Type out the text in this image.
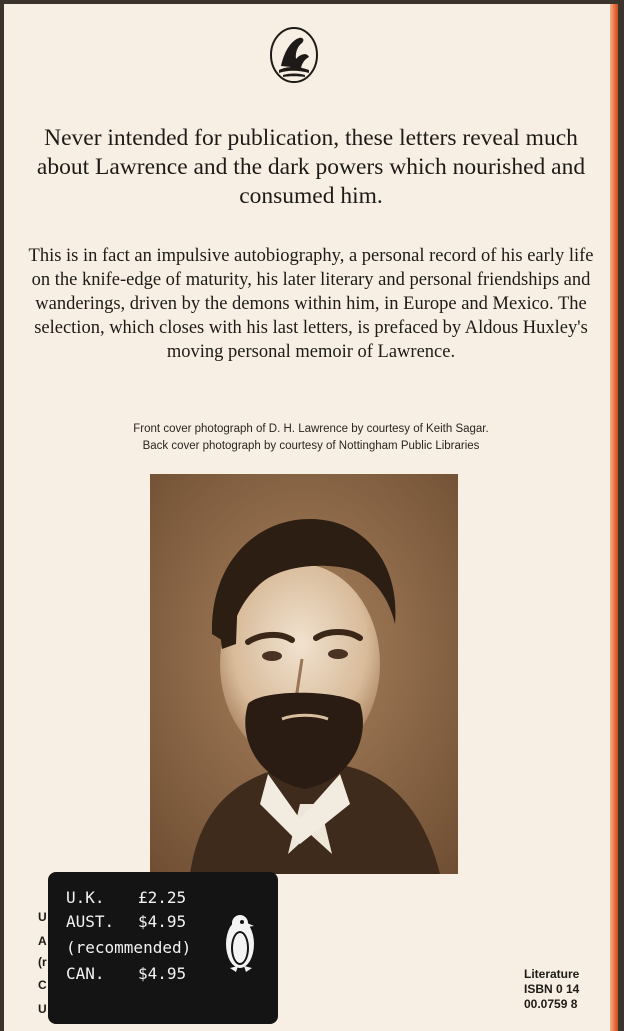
Never intended for publication, these letters reveal much about Lawrence and the dark powers which nourished and consumed him.

This is in fact an impulsive autobiography, a personal record of his early life on the knife-edge of maturity, his later literary and personal friendships and wanderings, driven by the demons within him, in Europe and Mexico. The selection, which closes with his last letters, is prefaced by Aldous Huxley's moving personal memoir of Lawrence.

Front cover photograph of D. H. Lawrence by courtesy of Keith Sagar.
Back cover photograph by courtesy of Nottingham Public Libraries
Literature
ISBN 0 14
00.0759 8
U
A
(r
C
U
U.K. £2.25
AUST. $4.95
(recommended)
CAN. $4.95
